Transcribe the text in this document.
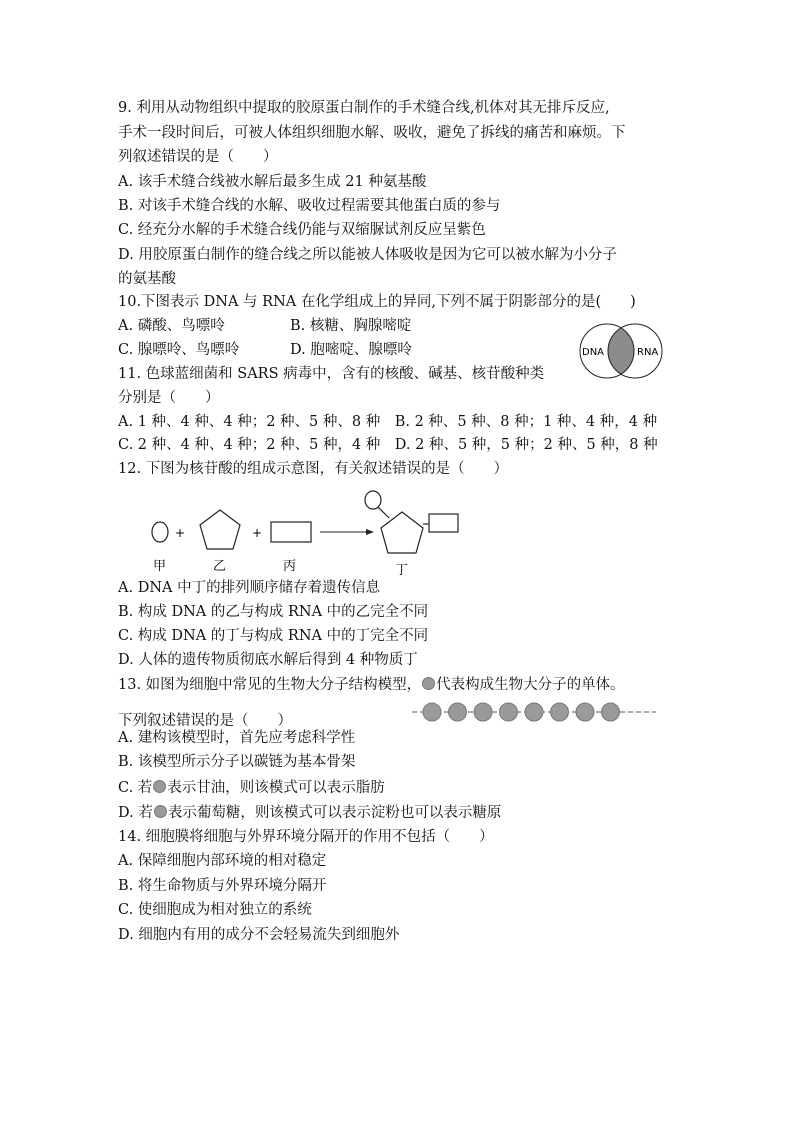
9. 利用从动物组织中提取的胶原蛋白制作的手术缝合线,机体对其无排斥反应,
手术一段时间后，可被人体组织细胞水解、吸收，避免了拆线的痛苦和麻烦。下
列叙述错误的是（　　）
A. 该手术缝合线被水解后最多生成 21 种氨基酸
B. 对该手术缝合线的水解、吸收过程需要其他蛋白质的参与
C. 经充分水解的手术缝合线仍能与双缩脲试剂反应呈紫色
D. 用胶原蛋白制作的缝合线之所以能被人体吸收是因为它可以被水解为小分子
的氨基酸
10.下图表示 DNA 与 RNA 在化学组成上的异同,下列不属于阴影部分的是(　　)
A. 磷酸、鸟嘌呤	B. 核糖、胸腺嘧啶
C. 腺嘌呤、鸟嘌呤	D. 胞嘧啶、腺嘌呤	DNA	RNA
11. 色球蓝细菌和 SARS 病毒中，含有的核酸、碱基、核苷酸种类
分别是（　　）
A. 1 种、4 种、4 种；2 种、5 种、8 种　B. 2 种、5 种、8 种；1 种、4 种，4 种
C. 2 种、4 种、4 种；2 种、5 种，4 种　D. 2 种、5 种，5 种；2 种、5 种，8 种
12. 下图为核苷酸的组成示意图，有关叙述错误的是（　　）
+	+
甲	乙	丙	丁
A. DNA 中丁的排列顺序储存着遗传信息
B. 构成 DNA 的乙与构成 RNA 中的乙完全不同
C. 构成 DNA 的丁与构成 RNA 中的丁完全不同
D. 人体的遗传物质彻底水解后得到 4 种物质丁
13. 如图为细胞中常见的生物大分子结构模型， 代表构成生物大分子的单体。
下列叙述错误的是（　　）
A. 建构该模型时，首先应考虑科学性
B. 该模型所示分子以碳链为基本骨架
C. 若 表示甘油，则该模式可以表示脂肪
D. 若 表示葡萄糖，则该模式可以表示淀粉也可以表示糖原
14. 细胞膜将细胞与外界环境分隔开的作用不包括（　　）
A. 保障细胞内部环境的相对稳定
B. 将生命物质与外界环境分隔开
C. 使细胞成为相对独立的系统
D. 细胞内有用的成分不会轻易流失到细胞外
